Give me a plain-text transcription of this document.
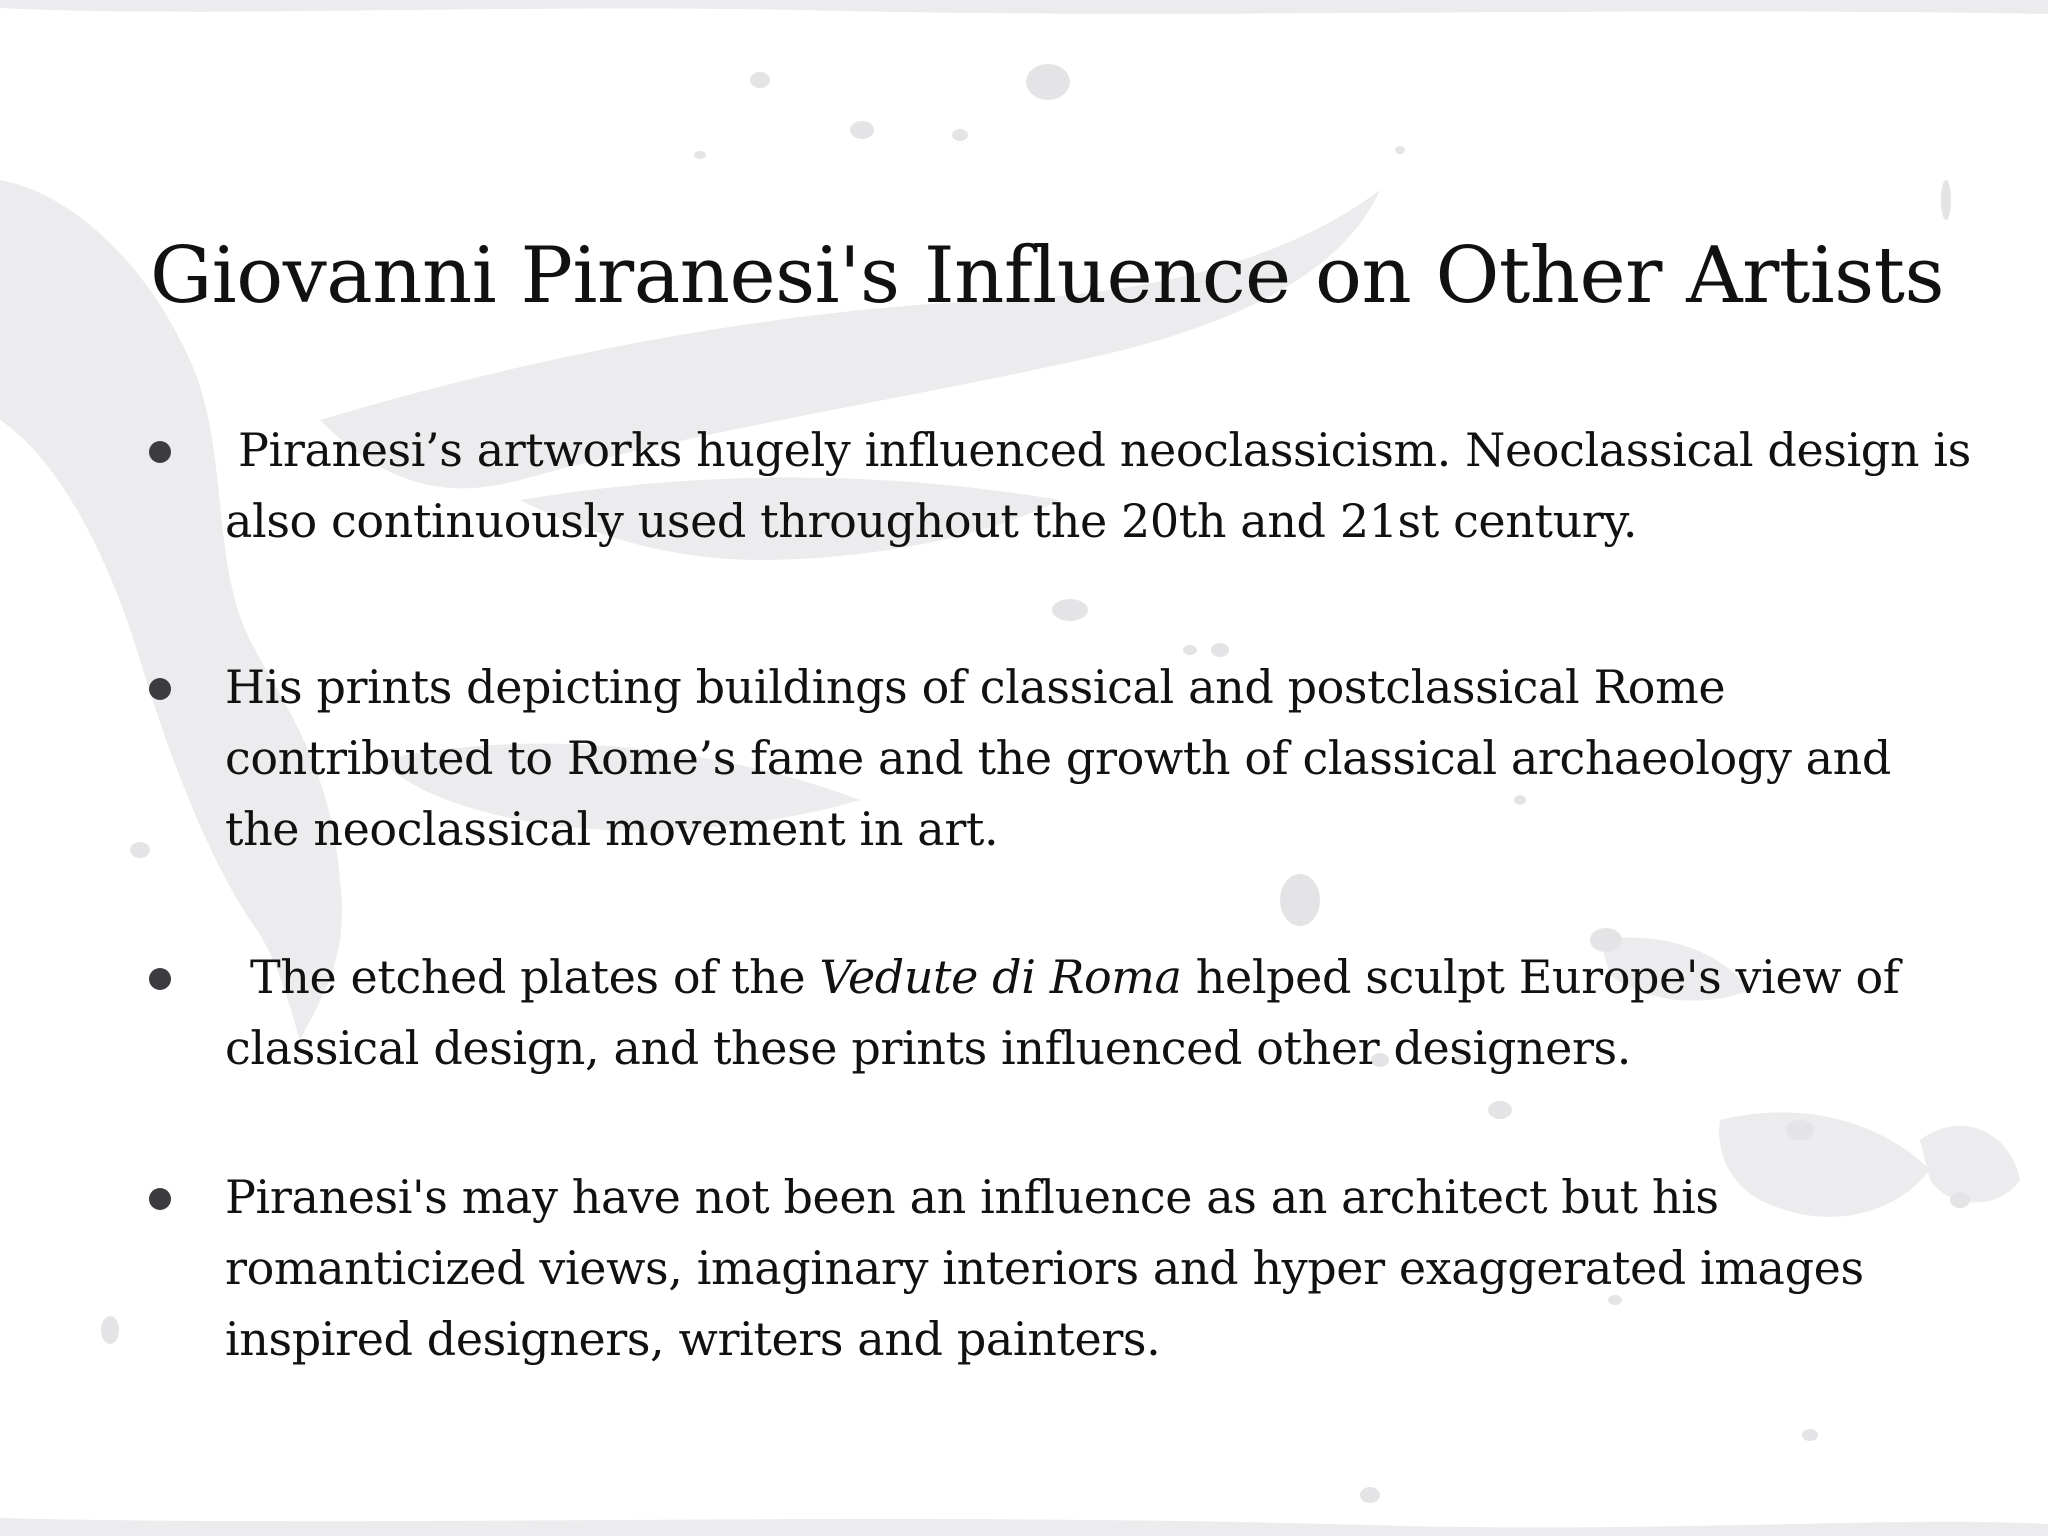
Giovanni Piranesi's Influence on Other Artists
Piranesi’s artworks hugely influenced neoclassicism. Neoclassical design is
also continuously used throughout the 20th and 21st century.
His prints depicting buildings of classical and postclassical Rome
contributed to Rome’s fame and the growth of classical archaeology and
the neoclassical movement in art.
The etched plates of the Vedute di Roma helped sculpt Europe's view of
classical design, and these prints influenced other designers.
Piranesi's may have not been an influence as an architect but his
romanticized views, imaginary interiors and hyper exaggerated images
inspired designers, writers and painters.
